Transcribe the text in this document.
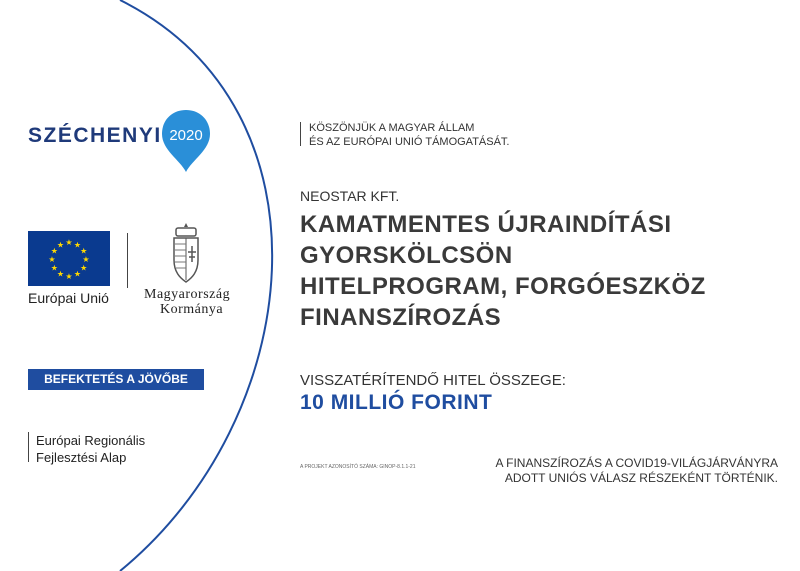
SZÉCHENYI 2020
★ ★
★
★
★
★
★
★
★
★
★
★
Európai Unió	Magyarország
Kormánya
BEFEKTETÉS A JÖVŐBE
Európai Regionális
Fejlesztési Alap
KÖSZÖNJÜK A MAGYAR ÁLLAM
ÉS AZ EURÓPAI UNIÓ TÁMOGATÁSÁT.
NEOSTAR KFT.
KAMATMENTES ÚJRAINDÍTÁSI
GYORSKÖLCSÖN
HITELPROGRAM, FORGÓESZKÖZ
FINANSZÍROZÁS
VISSZATÉRÍTENDŐ HITEL ÖSSZEGE:
10 MILLIÓ FORINT
A PROJEKT AZONOSÍTÓ SZÁMA: GINOP-8.1.1-21	A FINANSZÍROZÁS A COVID19-VILÁGJÁRVÁNYRA
ADOTT UNIÓS VÁLASZ RÉSZEKÉNT TÖRTÉNIK.
